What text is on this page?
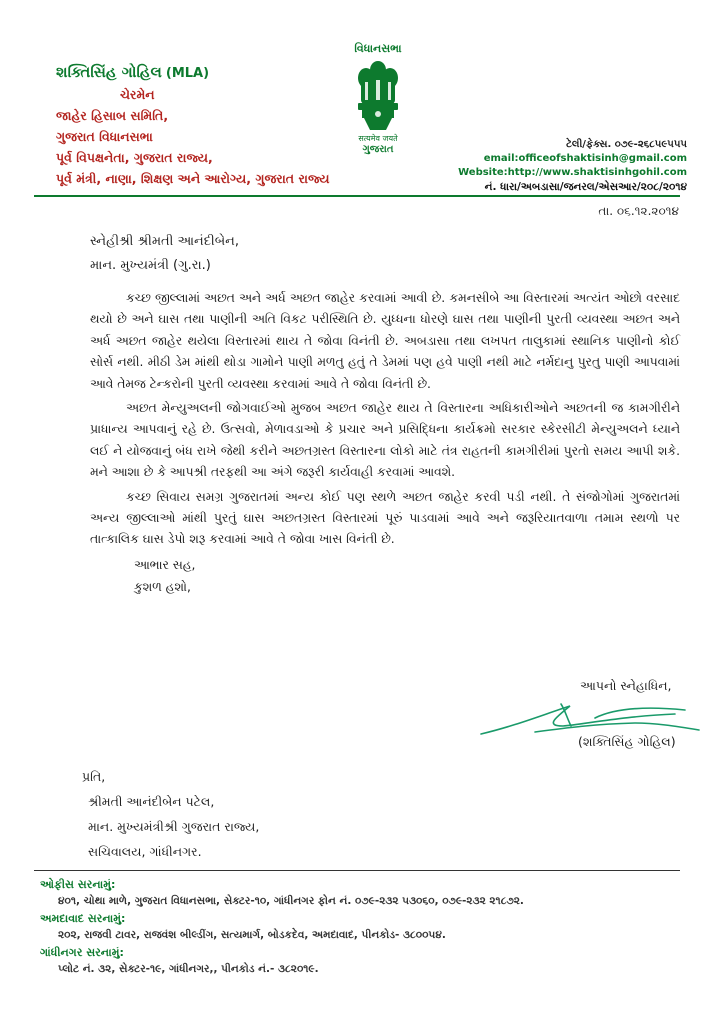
શક્તિસિંહ ગોહિલ (MLA)
ચેરમેન
જાહેર હિસાબ સમિતિ,
ગુજરાત વિધાનસભા
પૂર્વ વિપક્ષનેતા, ગુજરાત રાજ્ય,
પૂર્વ મંત્રી, નાણા, શિક્ષણ અને આરોગ્ય, ગુજરાત રાજ્ય
વિધાનસભા
सत्यमेव जयते
ગુજરાત	ટેલી/ફેક્સ. ૦૭૯-૨૬૮૫૯૫૫૫
email:officeofshaktisinh@gmail.com
Website:http://www.shaktisinhgohil.com
નં. ધારા/અબડાસા/જનરલ/એસઆર/૨૦૮/૨૦૧૪
તા. ૦૬.૧૨.૨૦૧૪
સ્નેહીશ્રી શ્રીમતી આનંદીબેન,
માન. મુખ્યમંત્રી (ગુ.રા.)

કચ્છ જીલ્લામાં અછત અને અર્ધ અછત જાહેર કરવામાં આવી છે. કમનસીબે આ વિસ્તારમાં અત્યંત ઓછો વરસાદ થયો છે અને ઘાસ તથા પાણીની અતિ વિકટ પરીસ્થિતિ છે. યુધ્ધના ધોરણે ઘાસ તથા પાણીની પુરતી વ્યવસ્થા અછત અને અર્ધ અછત જાહેર થયેલા વિસ્તારમાં થાય તે જોવા વિનંતી છે. અબડાસા તથા લખપત તાલુકામાં સ્થાનિક પાણીનો કોઈ સોર્સ નથી. મીઠી ડેમ માંથી થોડા ગામોને પાણી મળતુ હતું તે ડેમમાં પણ હવે પાણી નથી માટે નર્મદાનુ પુરતુ પાણી આપવામાં આવે તેમજ ટેન્કરોની પુરતી વ્યવસ્થા કરવામાં આવે તે જોવા વિનંતી છે.

અછત મેન્યુઅલની જોગવાઈઓ મુજબ અછત જાહેર થાય તે વિસ્તારના અધિકારીઓને અછતની જ કામગીરીને પ્રાધાન્ય આપવાનું રહે છે. ઉત્સવો, મેળાવડાઓ કે પ્રચાર અને પ્રસિદ્ધિના કાર્યક્રમો સરકાર સ્કેરસીટી મેન્યુઅલને ધ્યાને લઈ ને યોજવાનું બંધ રાખે જેથી કરીને અછતગ્રસ્ત વિસ્તારના લોકો માટે તંત્ર રાહતની કામગીરીમાં પુરતો સમય આપી શકે. મને આશા છે કે આપશ્રી તરફથી આ અંગે જરૂરી કાર્યવાહી કરવામાં આવશે.

કચ્છ સિવાય સમગ્ર ગુજરાતમાં અન્ય કોઈ પણ સ્થળે અછત જાહેર કરવી પડી નથી. તે સંજોગોમાં ગુજરાતમાં અન્ય જીલ્લાઓ માંથી પુરતું ઘાસ અછતગ્રસ્ત વિસ્તારમાં પૂરું પાડવામાં આવે અને જરૂરિયાતવાળા તમામ સ્થળો પર તાત્કાલિક ઘાસ ડેપો શરૂ કરવામાં આવે તે જોવા ખાસ વિનંતી છે.

આભાર સહ,
કુશળ હશો,
આપનો સ્નેહાધિન,
(શક્તિસિંહ ગોહિલ)
પ્રતિ,
શ્રીમતી આનંદીબેન પટેલ,
માન. મુખ્યમંત્રીશ્રી ગુજરાત રાજ્ય,
સચિવાલય, ગાંધીનગર.
ઓફીસ સરનામું:
૪૦૧, ચોથા માળે, ગુજરાત વિધાનસભા, સેક્ટર-૧૦, ગાંધીનગર ફોન નં. ૦૭૯-૨૩૨ ૫૩૦૬૦, ૦૭૯-૨૩૨ ૨૧૮૭૨.
અમદાવાદ સરનામું:
૨૦૨, રાજવી ટાવર, રાજવંશ બીલ્ડીંગ, સત્યમાર્ગ, બોડકદેવ, અમદાવાદ, પીનકોડ- ૩૮૦૦૫૪.
ગાંધીનગર સરનામું:
પ્લોટ નં. ૩૨, સેક્ટર-૧૯, ગાંધીનગર,, પીનકોડ નં.- ૩૮૨૦૧૯.
